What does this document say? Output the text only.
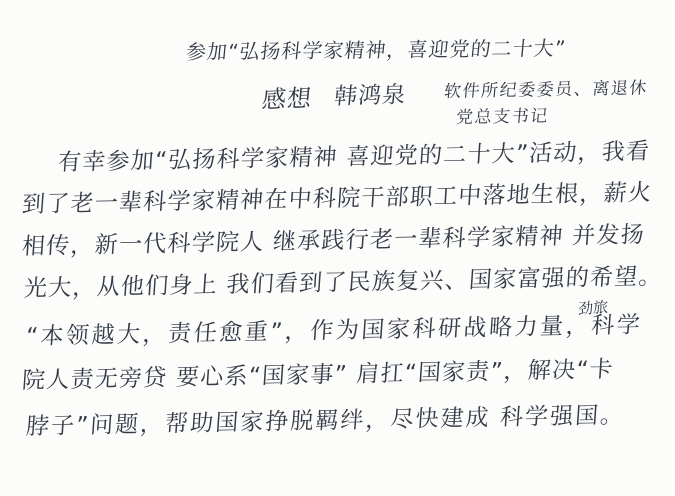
参加“弘扬科学家精神，喜迎党的二十大”
感想 韩鸿泉 软件所纪委委员、离退休
党总支书记
有幸参加“弘扬科学家精神 喜迎党的二十大”活动，我看
到了老一辈科学家精神在中科院干部职工中落地生根，薪火
相传，新一代科学院人 继承践行老一辈科学家精神 并发扬
光大，从他们身上 我们看到了民族复兴、国家富强的希望。
“本领越大，责任愈重”，作为国家科研战略力量，科学
劲旅
院人责无旁贷 要心系“国家事” 肩扛“国家责”，解决“卡
脖子”问题，帮助国家挣脱羁绊，尽快建成 科学强国。
